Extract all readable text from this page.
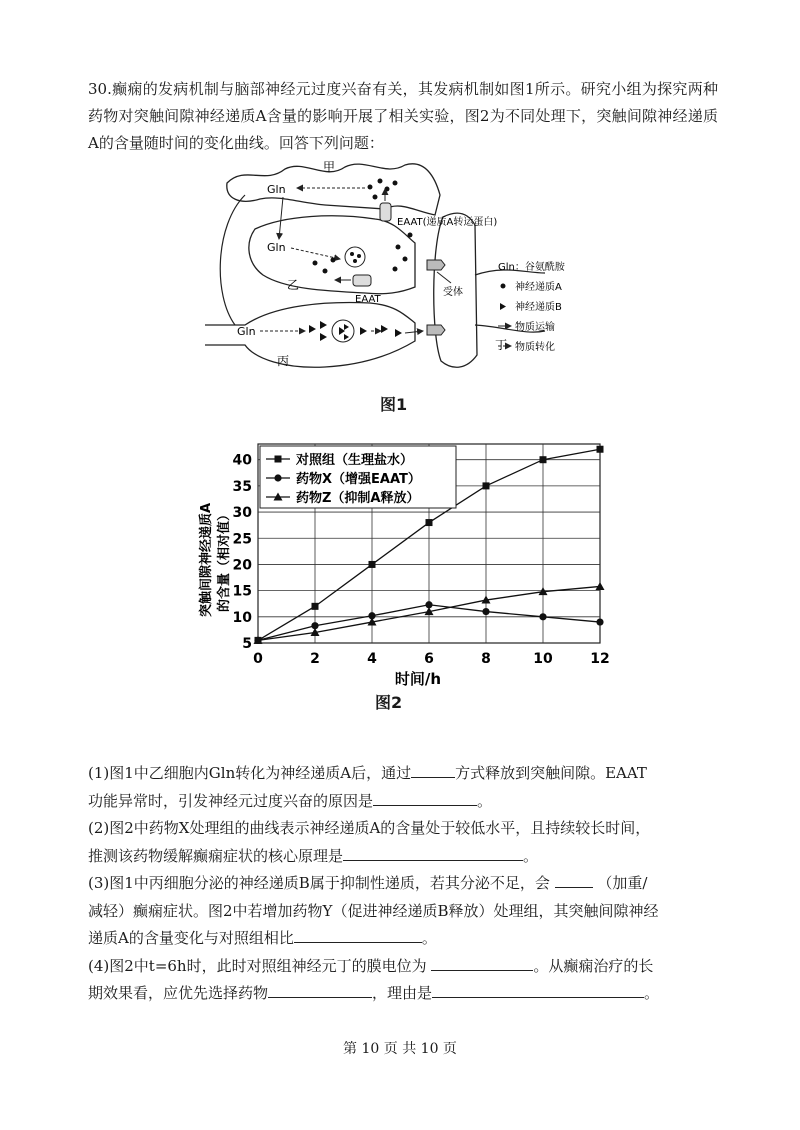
30.癫痫的发病机制与脑部神经元过度兴奋有关，其发病机制如图1所示。研究小组为探究两种药物对突触间隙神经递质A含量的影响开展了相关实验，图2为不同处理下，突触间隙神经递质A的含量随时间的变化曲线。回答下列问题：
Gln
Gln
Gln
EAAT(递质A转运蛋白)
EAAT
受体
甲
乙
丙
丁
Gln：谷氨酰胺
神经递质A
神经递质B
物质运输
物质转化
图1
5
10
15
20
25
30
35
40
0	2	4	6	8	10	12
对照组（生理盐水）
药物X（增强EAAT）
药物Z（抑制A释放）
突触间隙神经递质A 的含量（相对值）
时间/h
图2
(1)图1中乙细胞内Gln转化为神经递质A后，通过	方式释放到突触间隙。EAAT
功能异常时，引发神经元过度兴奋的原因是	。
(2)图2中药物X处理组的曲线表示神经递质A的含量处于较低水平，且持续较长时间，
推测该药物缓解癫痫症状的核心原理是	。
(3)图1中丙细胞分泌的神经递质B属于抑制性递质，若其分泌不足，会	（加重/
减轻）癫痫症状。图2中若增加药物Y（促进神经递质B释放）处理组，其突触间隙神经
递质A的含量变化与对照组相比	。
(4)图2中t=6h时，此时对照组神经元丁的膜电位为	。从癫痫治疗的长
期效果看，应优先选择药物	，理由是	。
第 10 页 共 10 页
